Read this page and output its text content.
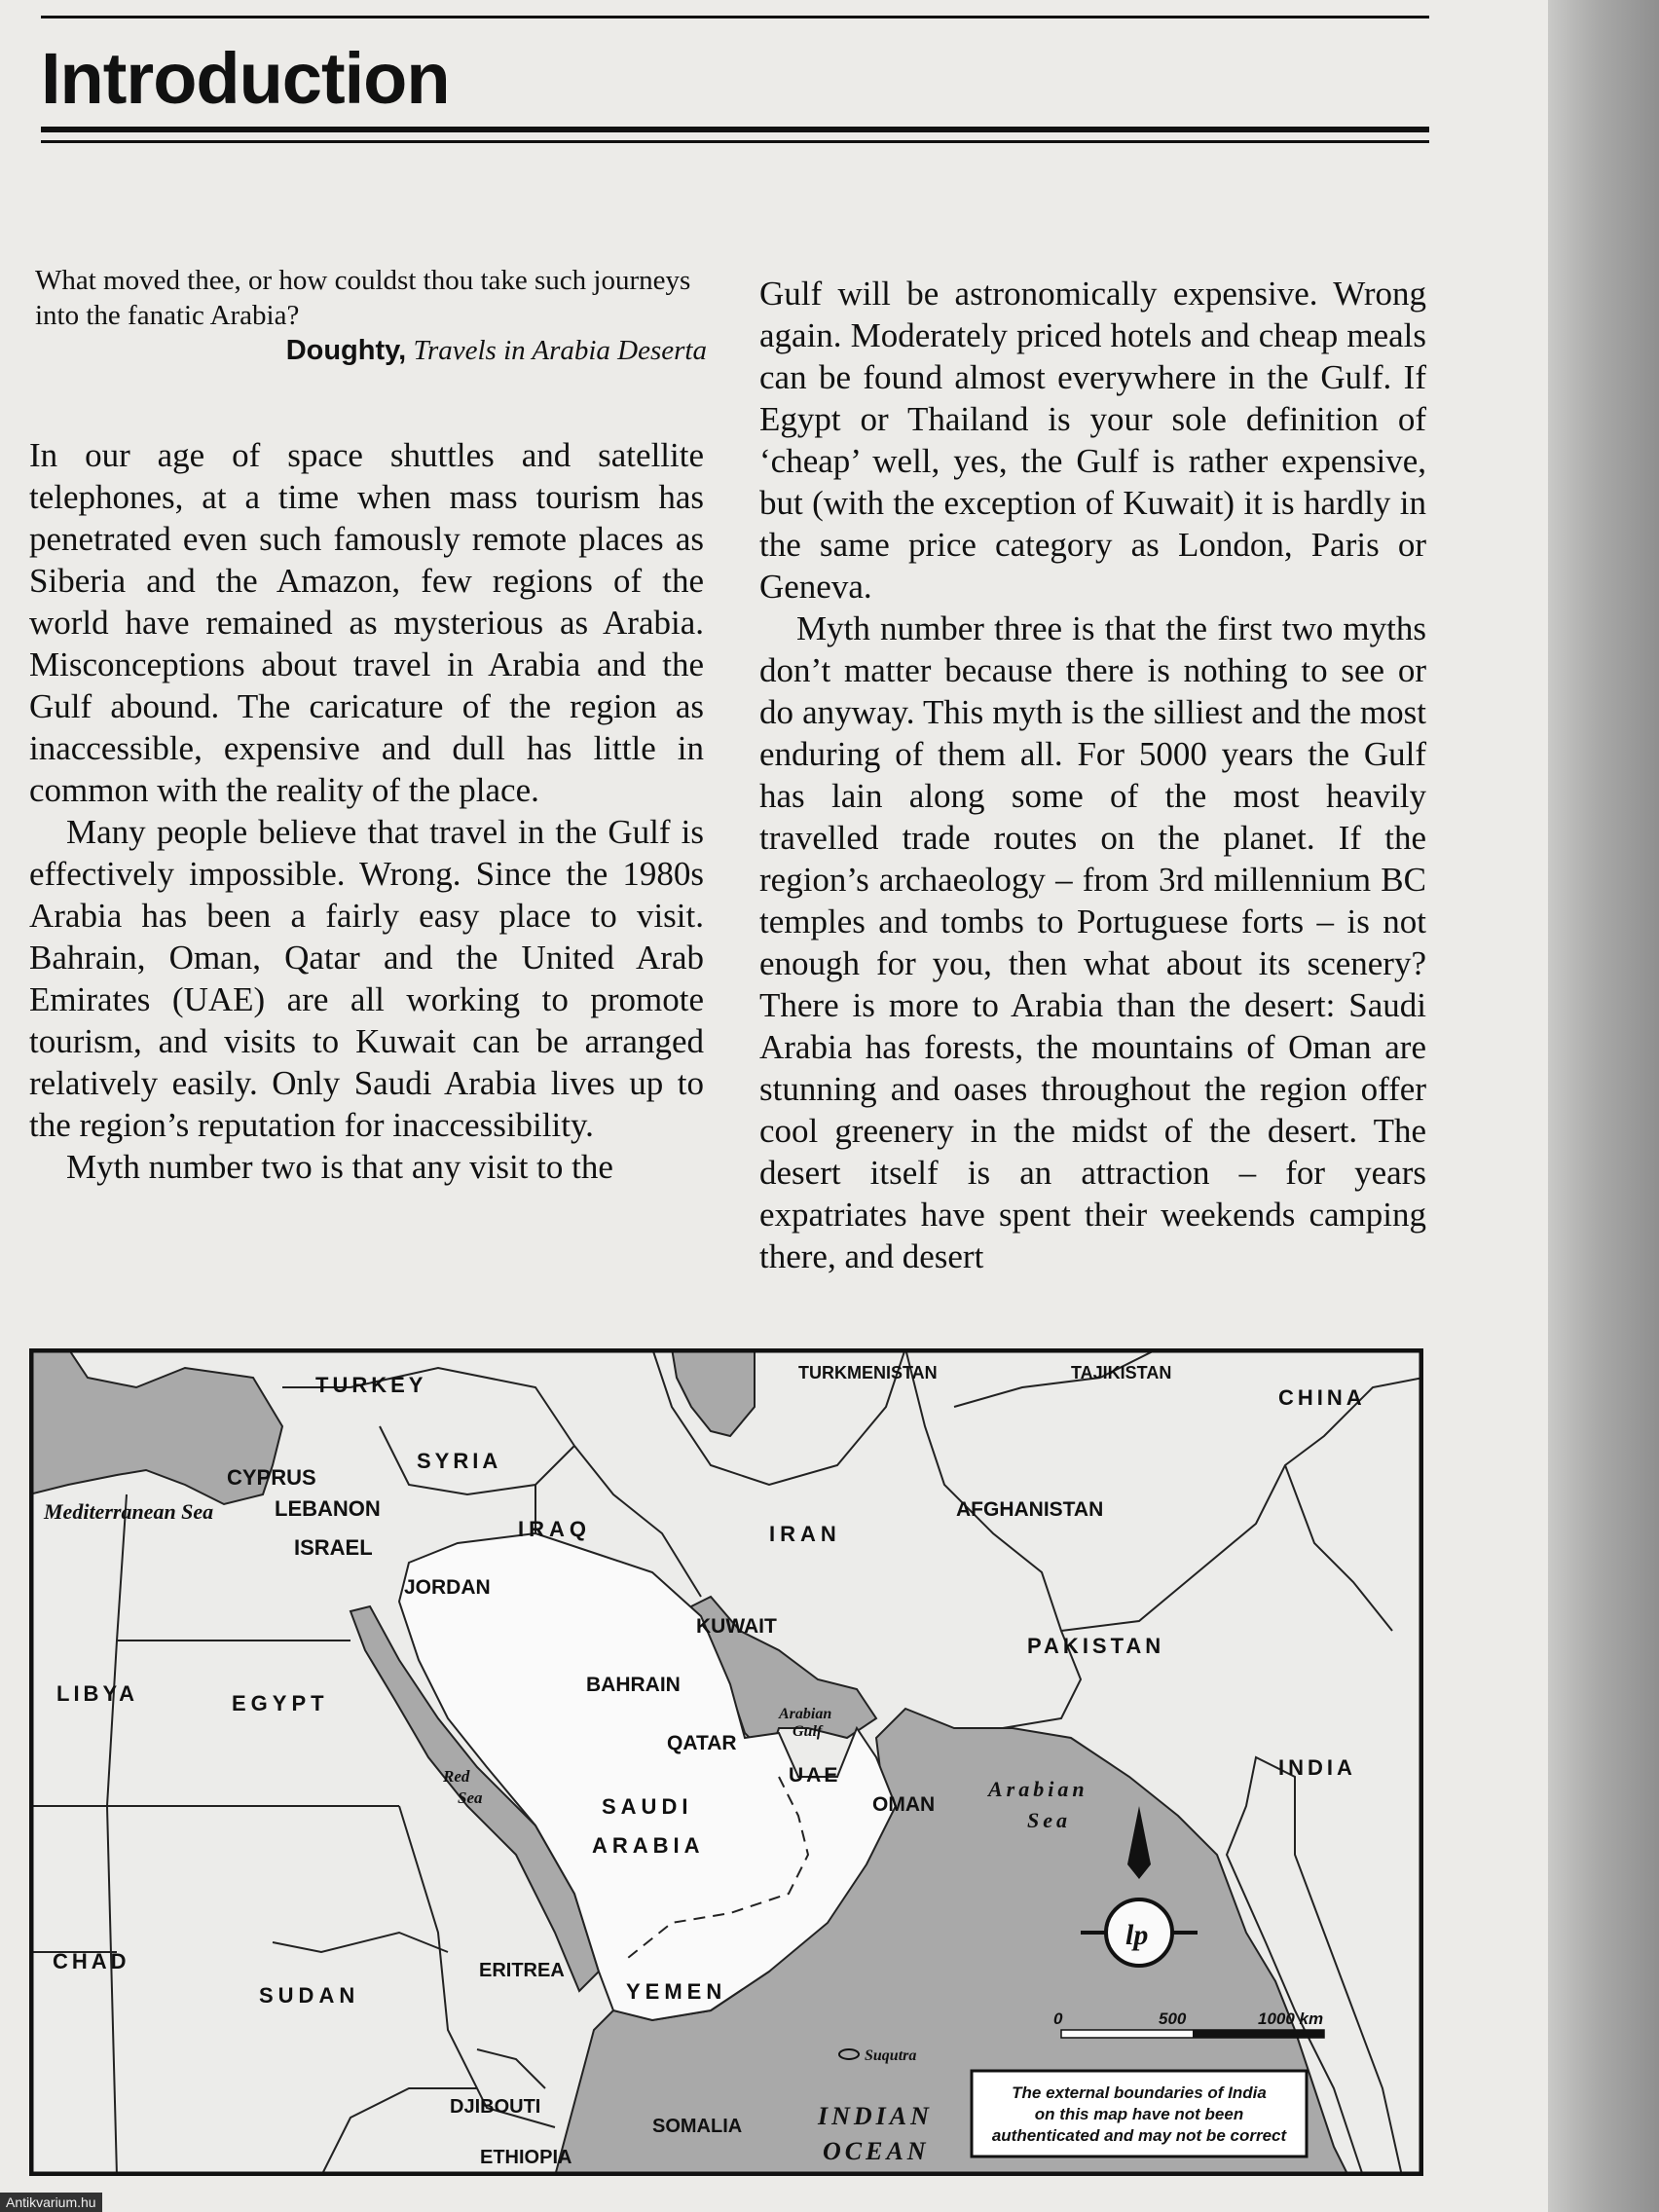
Introduction
What moved thee, or how couldst thou take such journeys into the fanatic Arabia?
Doughty, Travels in Arabia Deserta

In our age of space shuttles and satellite telephones, at a time when mass tourism has penetrated even such famously remote places as Siberia and the Amazon, few regions of the world have remained as mysterious as Arabia. Misconceptions about travel in Arabia and the Gulf abound. The caricature of the region as inaccessible, expensive and dull has little in common with the reality of the place.

Many people believe that travel in the Gulf is effectively impossible. Wrong. Since the 1980s Arabia has been a fairly easy place to visit. Bahrain, Oman, Qatar and the United Arab Emirates (UAE) are all working to promote tourism, and visits to Kuwait can be arranged relatively easily. Only Saudi Arabia lives up to the region’s reputation for inaccessibility.

Myth number two is that any visit to the

Gulf will be astronomically expensive. Wrong again. Moderately priced hotels and cheap meals can be found almost everywhere in the Gulf. If Egypt or Thailand is your sole definition of ‘cheap’ well, yes, the Gulf is rather expensive, but (with the exception of Kuwait) it is hardly in the same price category as London, Paris or Geneva.

Myth number three is that the first two myths don’t matter because there is nothing to see or do anyway. This myth is the silliest and the most enduring of them all. For 5000 years the Gulf has lain along some of the most heavily travelled trade routes on the planet. If the region’s archaeology – from 3rd millennium BC temples and tombs to Portuguese forts – is not enough for you, then what about its scenery? There is more to Arabia than the desert: Saudi Arabia has forests, the mountains of Oman are stunning and oases throughout the region offer cool greenery in the midst of the desert. The desert itself is an attraction – for years expatriates have spent their weekends camping there, and desert

TURKEY
SYRIA
CYPRUS
LEBANON
ISRAEL
IRAQ	IRAN
TURKMENISTAN	TAJIKISTAN
CHINA
AFGHANISTAN
PAKISTAN
INDIA
JORDAN
KUWAIT
BAHRAIN
QATAR
UAE
OMAN
SAUDI
ARABIA
LIBYA	EGYPT
CHAD
SUDAN
ERITREA
YEMEN
DJIBOUTI
ETHIOPIA
SOMALIA
Mediterranean Sea
Red
Sea
Arabian
Gulf
Arabian
Sea
INDIAN
OCEAN
Suqutra
lp
0	500	1000 km
The external boundaries of India
on this map have not been
authenticated and may not be correct
Antikvarium.hu
